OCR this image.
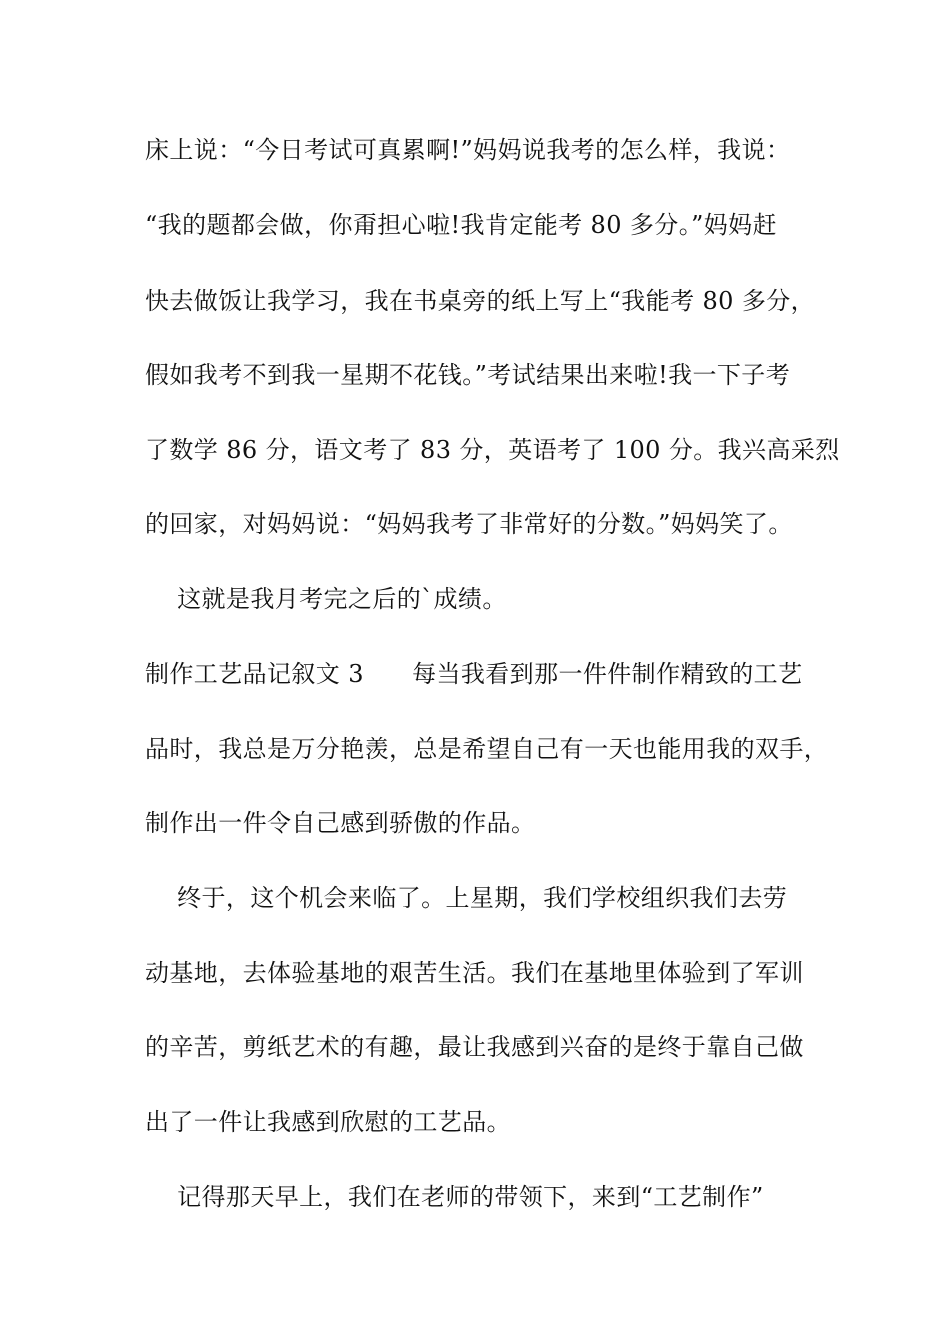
床上说：“今日考试可真累啊!”妈妈说我考的怎么样，我说：

“我的题都会做，你甭担心啦!我肯定能考 80 多分。”妈妈赶

快去做饭让我学习，我在书桌旁的纸上写上“我能考 80 多分，

假如我考不到我一星期不花钱。”考试结果出来啦!我一下子考

了数学 86 分，语文考了 83 分，英语考了 100 分。我兴高采烈

的回家，对妈妈说：“妈妈我考了非常好的分数。”妈妈笑了。

这就是我月考完之后的`成绩。

制作工艺品记叙文 3      每当我看到那一件件制作精致的工艺

品时，我总是万分艳羡，总是希望自己有一天也能用我的双手，

制作出一件令自己感到骄傲的作品。

终于，这个机会来临了。上星期，我们学校组织我们去劳

动基地，去体验基地的艰苦生活。我们在基地里体验到了军训

的辛苦，剪纸艺术的有趣，最让我感到兴奋的是终于靠自己做

出了一件让我感到欣慰的工艺品。

记得那天早上，我们在老师的带领下，来到“工艺制作”
